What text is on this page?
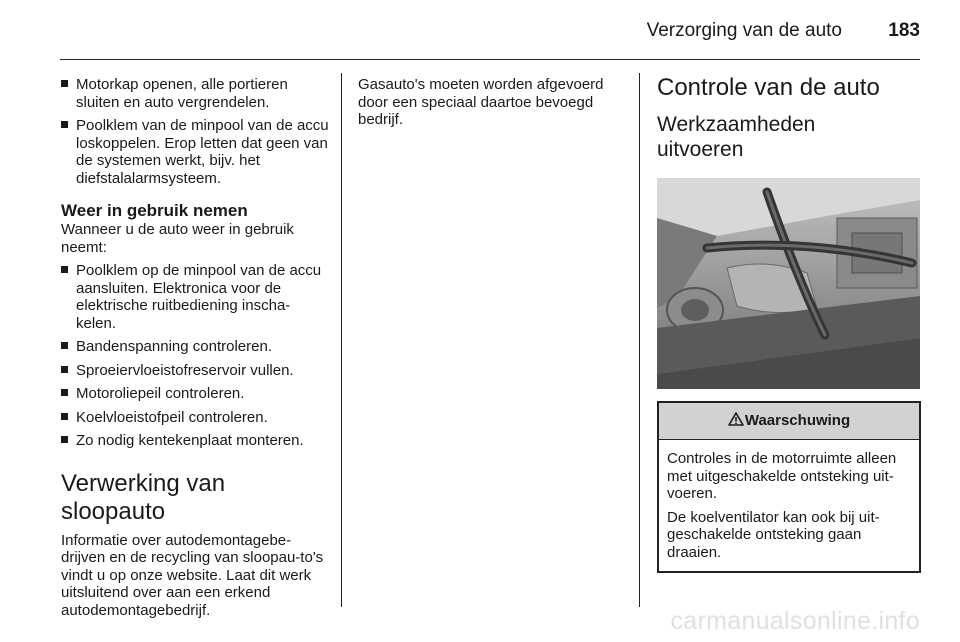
Verzorging van de auto 183
Motorkap openen, alle portieren sluiten en auto vergrendelen.
Poolklem van de minpool van de accu loskoppelen. Erop letten dat geen van de systemen werkt, bijv. het diefstalalarmsysteem.
Weer in gebruik nemen

Wanneer u de auto weer in gebruik neemt:

Poolklem op de minpool van de accu aansluiten. Elektronica voor de elektrische ruitbediening inscha-kelen.
Bandenspanning controleren.
Sproeiervloeistofreservoir vullen.
Motoroliepeil controleren.
Koelvloeistofpeil controleren.
Zo nodig kentekenplaat monteren.
Verwerking van sloopauto

Informatie over autodemontagebe-drijven en de recycling van sloopau-to's vindt u op onze website. Laat dit werk uitsluitend over aan een erkend autodemontagebedrijf.

Gasauto's moeten worden afgevoerd door een speciaal daartoe bevoegd bedrijf.

Controle van de auto
Werkzaamheden
uitvoeren
Waarschuwing

Controles in de motorruimte alleen met uitgeschakelde ontsteking uit-voeren.

De koelventilator kan ook bij uit-geschakelde ontsteking gaan draaien.

carmanualsonline.info
